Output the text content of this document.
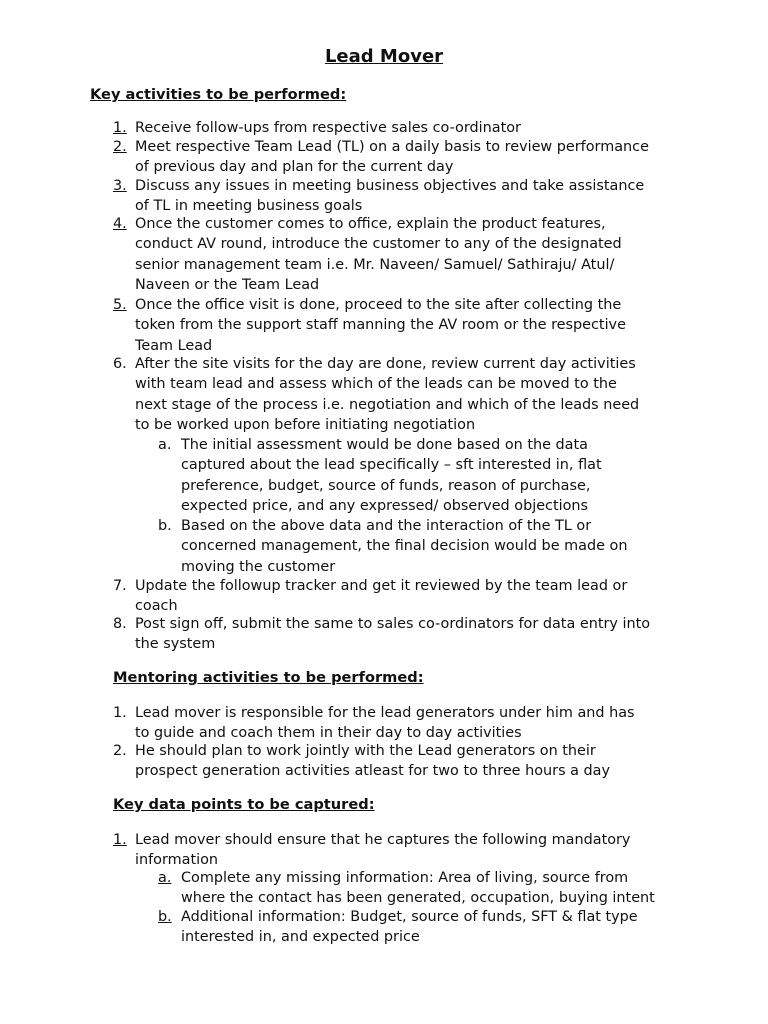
Lead Mover
Key activities to be performed:
1. Receive follow-ups from respective sales co-ordinator
2. Meet respective Team Lead (TL) on a daily basis to review performance
of previous day and plan for the current day
3. Discuss any issues in meeting business objectives and take assistance
of TL in meeting business goals
4. Once the customer comes to office, explain the product features,
conduct AV round, introduce the customer to any of the designated
senior management team i.e. Mr. Naveen/ Samuel/ Sathiraju/ Atul/
Naveen or the Team Lead
5. Once the office visit is done, proceed to the site after collecting the
token from the support staff manning the AV room or the respective
Team Lead
6. After the site visits for the day are done, review current day activities
with team lead and assess which of the leads can be moved to the
next stage of the process i.e. negotiation and which of the leads need
to be worked upon before initiating negotiation
a. The initial assessment would be done based on the data
captured about the lead specifically – sft interested in, flat
preference, budget, source of funds, reason of purchase,
expected price, and any expressed/ observed objections
b. Based on the above data and the interaction of the TL or
concerned management, the final decision would be made on
moving the customer
7. Update the followup tracker and get it reviewed by the team lead or
coach
8. Post sign off, submit the same to sales co-ordinators for data entry into
the system
Mentoring activities to be performed:
1. Lead mover is responsible for the lead generators under him and has
to guide and coach them in their day to day activities
2. He should plan to work jointly with the Lead generators on their
prospect generation activities atleast for two to three hours a day
Key data points to be captured:
1. Lead mover should ensure that he captures the following mandatory
information
a. Complete any missing information: Area of living, source from
where the contact has been generated, occupation, buying intent
b. Additional information: Budget, source of funds, SFT & flat type
interested in, and expected price
